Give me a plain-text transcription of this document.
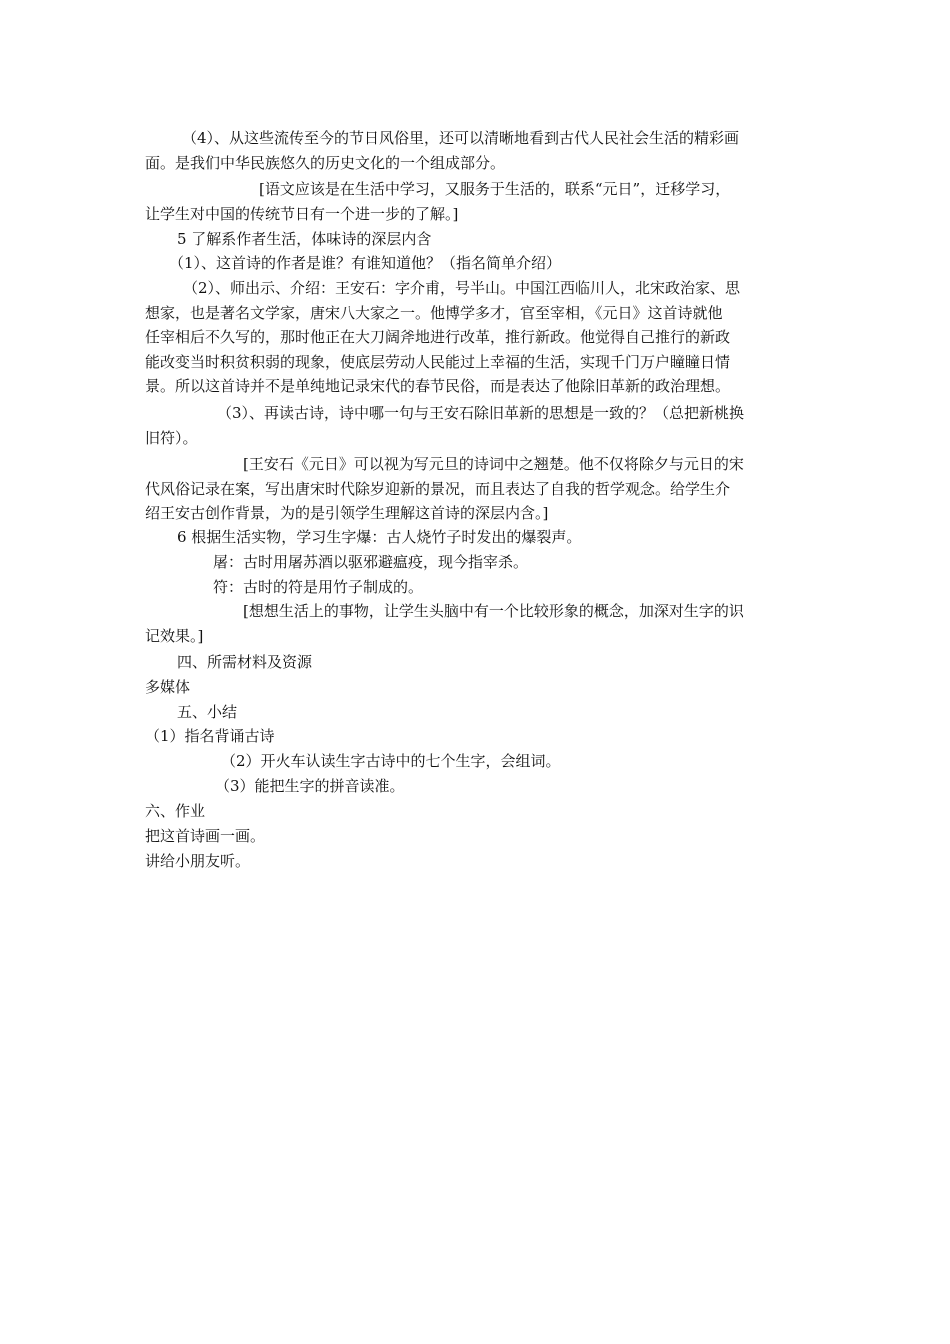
（4）、从这些流传至今的节日风俗里，还可以清晰地看到古代人民社会生活的精彩画
面。是我们中华民族悠久的历史文化的一个组成部分。
[语文应该是在生活中学习，又服务于生活的，联系“元日”，迁移学习，
让学生对中国的传统节日有一个进一步的了解。]
5 了解系作者生活，体味诗的深层内含
（1）、这首诗的作者是谁？有谁知道他？（指名简单介绍）
（2）、师出示、介绍：王安石：字介甫，号半山。中国江西临川人，北宋政治家、思
想家，也是著名文学家，唐宋八大家之一。他博学多才，官至宰相，《元日》这首诗就他
任宰相后不久写的，那时他正在大刀阔斧地进行改革，推行新政。他觉得自己推行的新政
能改变当时积贫积弱的现象，使底层劳动人民能过上幸福的生活，实现千门万户瞳瞳日情
景。所以这首诗并不是单纯地记录宋代的春节民俗，而是表达了他除旧革新的政治理想。
（3）、再读古诗，诗中哪一句与王安石除旧革新的思想是一致的？（总把新桃换
旧符）。
[王安石《元日》可以视为写元旦的诗词中之翘楚。他不仅将除夕与元日的宋
代风俗记录在案，写出唐宋时代除岁迎新的景况，而且表达了自我的哲学观念。给学生介
绍王安古创作背景，为的是引领学生理解这首诗的深层内含。]
6 根据生活实物，学习生字爆：古人烧竹子时发出的爆裂声。
屠：古时用屠苏酒以驱邪避瘟疫，现今指宰杀。
符：古时的符是用竹子制成的。
[想想生活上的事物，让学生头脑中有一个比较形象的概念，加深对生字的识
记效果。]
四、所需材料及资源
多媒体
五、小结
（1）指名背诵古诗
（2）开火车认读生字古诗中的七个生字，会组词。
（3）能把生字的拼音读准。
六、作业
把这首诗画一画。
讲给小朋友听。
